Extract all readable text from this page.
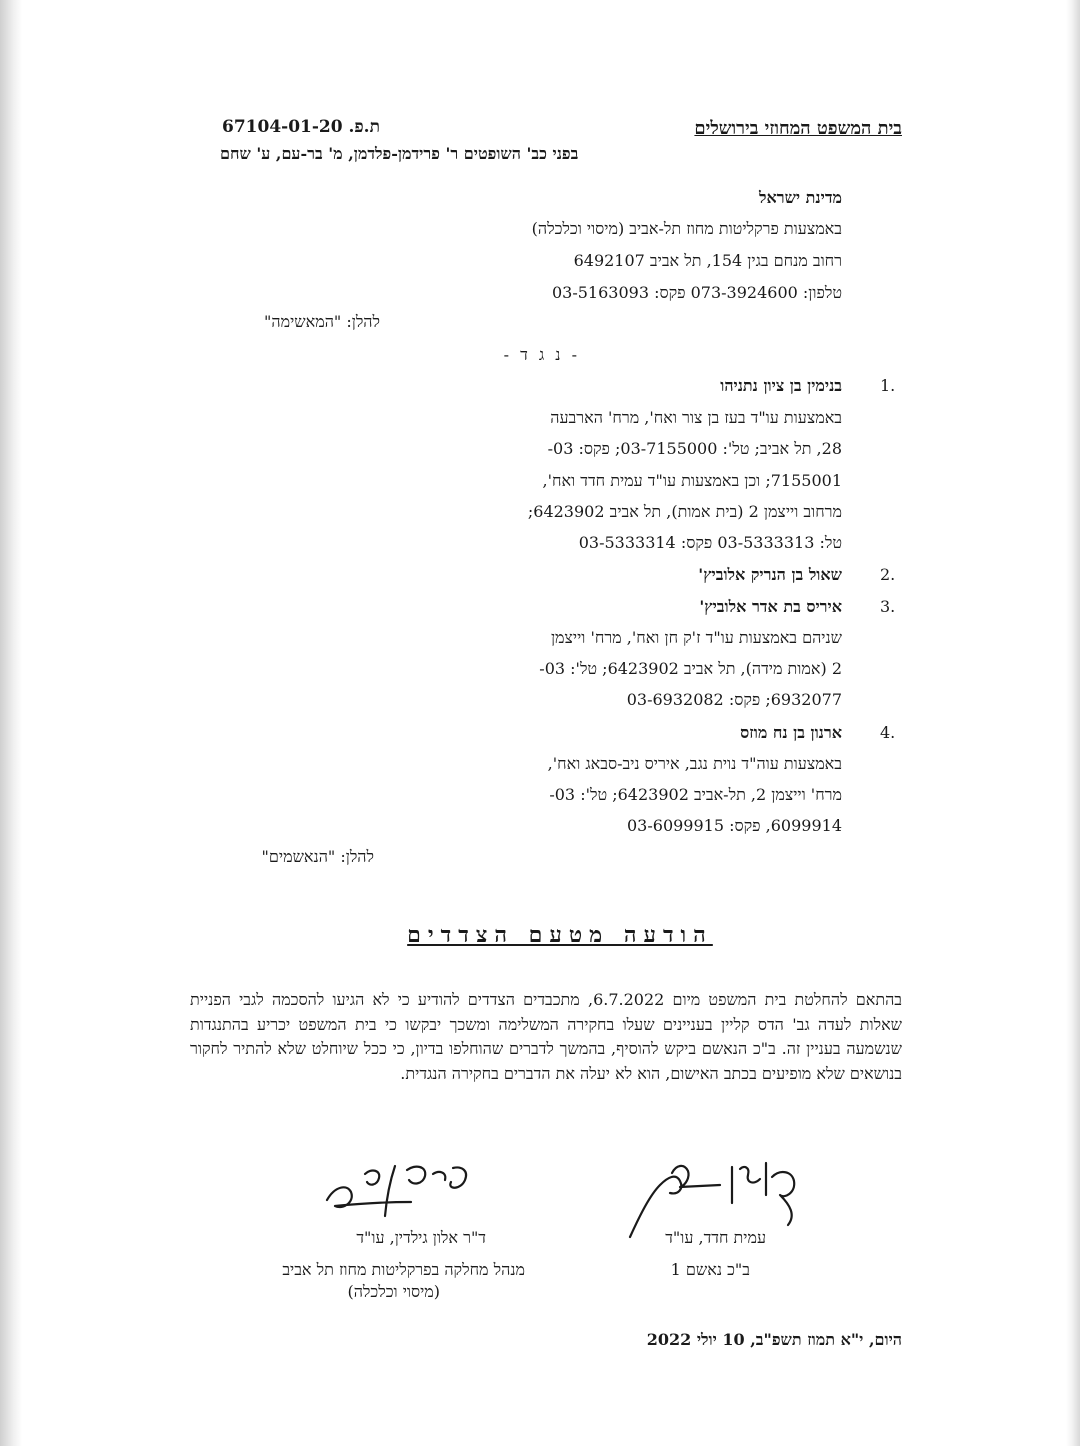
בית המשפט המחוזי בירושלים
ת.פ. 67104-01-20
בפני כב' השופטים ר' פרידמן-פלדמן, מ' בר-עם, ע' שחם
מדינת ישראל
באמצעות פרקליטות מחוז תל-אביב (מיסוי וכלכלה)
רחוב מנחם בגין 154, תל אביב 6492107
טלפון: 073-3924600 פקס: 03-5163093
להלן: "המאשימה"
- נ ג ד -
1.
בנימין בן ציון נתניהו
באמצעות עו"ד בעז בן צור ואח', מרח' הארבעה
28, תל אביב; טל': 03-7155000; פקס: 03-
7155001; וכן באמצעות עו"ד עמית חדד ואח',
מרחוב וייצמן 2 (בית אמות), תל אביב 6423902;
טל: 03-5333313 פקס: 03-5333314
2.
שאול בן הנריק אלוביץ'
3.
איריס בת אדר אלוביץ'
שניהם באמצעות עו"ד ז'ק חן ואח', מרח' וייצמן
2 (אמות מידה), תל אביב 6423902; טל': 03-
6932077; פקס: 03-6932082
4.
ארנון בן נח מוזס
באמצעות עוה"ד נוית נגב, איריס ניב-סבאג ואח',
מרח' וייצמן 2, תל-אביב 6423902; טל': 03-
6099914, פקס: 03-6099915
להלן: "הנאשמים"
הודעה מטעם הצדדים
בהתאם להחלטת בית המשפט מיום 6.7.2022, מתכבדים הצדדים להודיע כי לא הגיעו להסכמה לגבי הפניית שאלות לעדה גב' הדס קליין בעניינים שעלו בחקירה המשלימה ומשכך יבקשו כי בית המשפט יכריע בהתנגדות שנשמעה בעניין זה. ב"כ הנאשם ביקש להוסיף, בהמשך לדברים שהוחלפו בדיון, כי ככל שיוחלט שלא להתיר לחקור בנושאים שלא מופיעים בכתב האישום, הוא לא יעלה את הדברים בחקירה הנגדית.
עמית חדד, עו"ד
ב"כ נאשם 1
ד"ר אלון גילדין, עו"ד
מנהל מחלקה בפרקליטות מחוז תל אביב
(מיסוי וכלכלה)
היום, י"א תמוז תשפ"ב, 10 יולי 2022
